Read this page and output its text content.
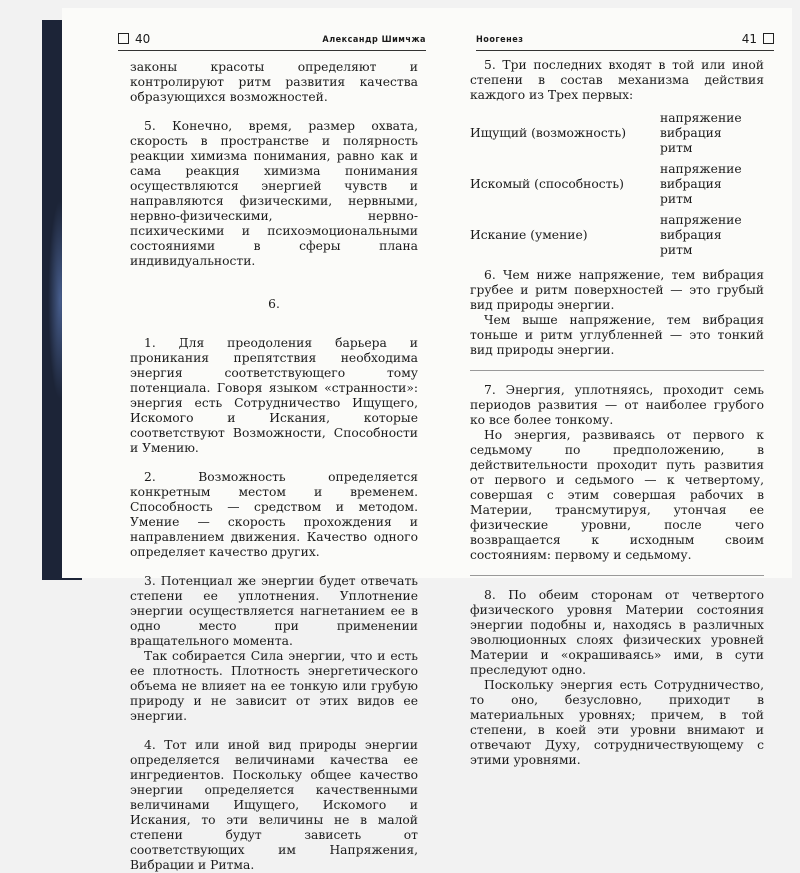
40	Александр Шимчжа

законы красоты определяют и контролируют ритм развития качества образующихся возможностей.

5. Конечно, время, размер охвата, скорость в пространстве и полярность реакции химизма понимания, равно как и сама реакция химизма понимания осуществляются энергией чувств и направляются физическими, нервными, нервно-физическими, нервно-психическими и психоэмоциональными состояниями в сферы плана индивидуальности.

6.

1. Для преодоления барьера и проникания препятствия необходима энергия соответствующего тому потенциала. Говоря языком «странности»: энергия есть Сотрудничество Ищущего, Искомого и Искания, которые соответствуют Возможности, Способности и Умению.

2. Возможность определяется конкретным местом и временем. Способность — средством и методом. Умение — скорость прохождения и направлением движения. Качество одного определяет качество других.

3. Потенциал же энергии будет отвечать степени ее уплотнения. Уплотнение энергии осуществляется нагнетанием ее в одно место при применении вращательного момента.

Так собирается Сила энергии, что и есть ее плотность. Плотность энергетического объема не влияет на ее тонкую или грубую природу и не зависит от этих видов ее энергии.

4. Тот или иной вид природы энергии определяется величинами качества ее ингредиентов. Поскольку общее качество энергии определяется качественными величинами Ищущего, Искомого и Искания, то эти величины не в малой степени будут зависеть от соответствующих им Напряжения, Вибрации и Ритма.

Ноогенез	41

5. Три последних входят в той или иной степени в состав механизма действия каждого из Трех первых:

Ищущий (возможность)
напряжение
вибрация
ритм
Искомый (способность)
напряжение
вибрация
ритм
Искание (умение)
напряжение
вибрация
ритм

6. Чем ниже напряжение, тем вибрация грубее и ритм поверхностей — это грубый вид природы энергии.

Чем выше напряжение, тем вибрация тоньше и ритм углубленней — это тонкий вид природы энергии.

7. Энергия, уплотняясь, проходит семь периодов развития — от наиболее грубого ко все более тонкому.

Но энергия, развиваясь от первого к седьмому по предположению, в действительности проходит путь развития от первого и седьмого — к четвертому, совершая с этим совершая рабочих в Материи, трансмутируя, утончая ее физические уровни, после чего возвращается к исходным своим состояниям: первому и седьмому.

8. По обеим сторонам от четвертого физического уровня Материи состояния энергии подобны и, находясь в различных эволюционных слоях физических уровней Материи и «окрашиваясь» ими, в сути преследуют одно.

Поскольку энергия есть Сотрудничество, то оно, безусловно, приходит в материальных уровнях; причем, в той степени, в коей эти уровни внимают и отвечают Духу, сотрудничествующему с этими уровнями.
